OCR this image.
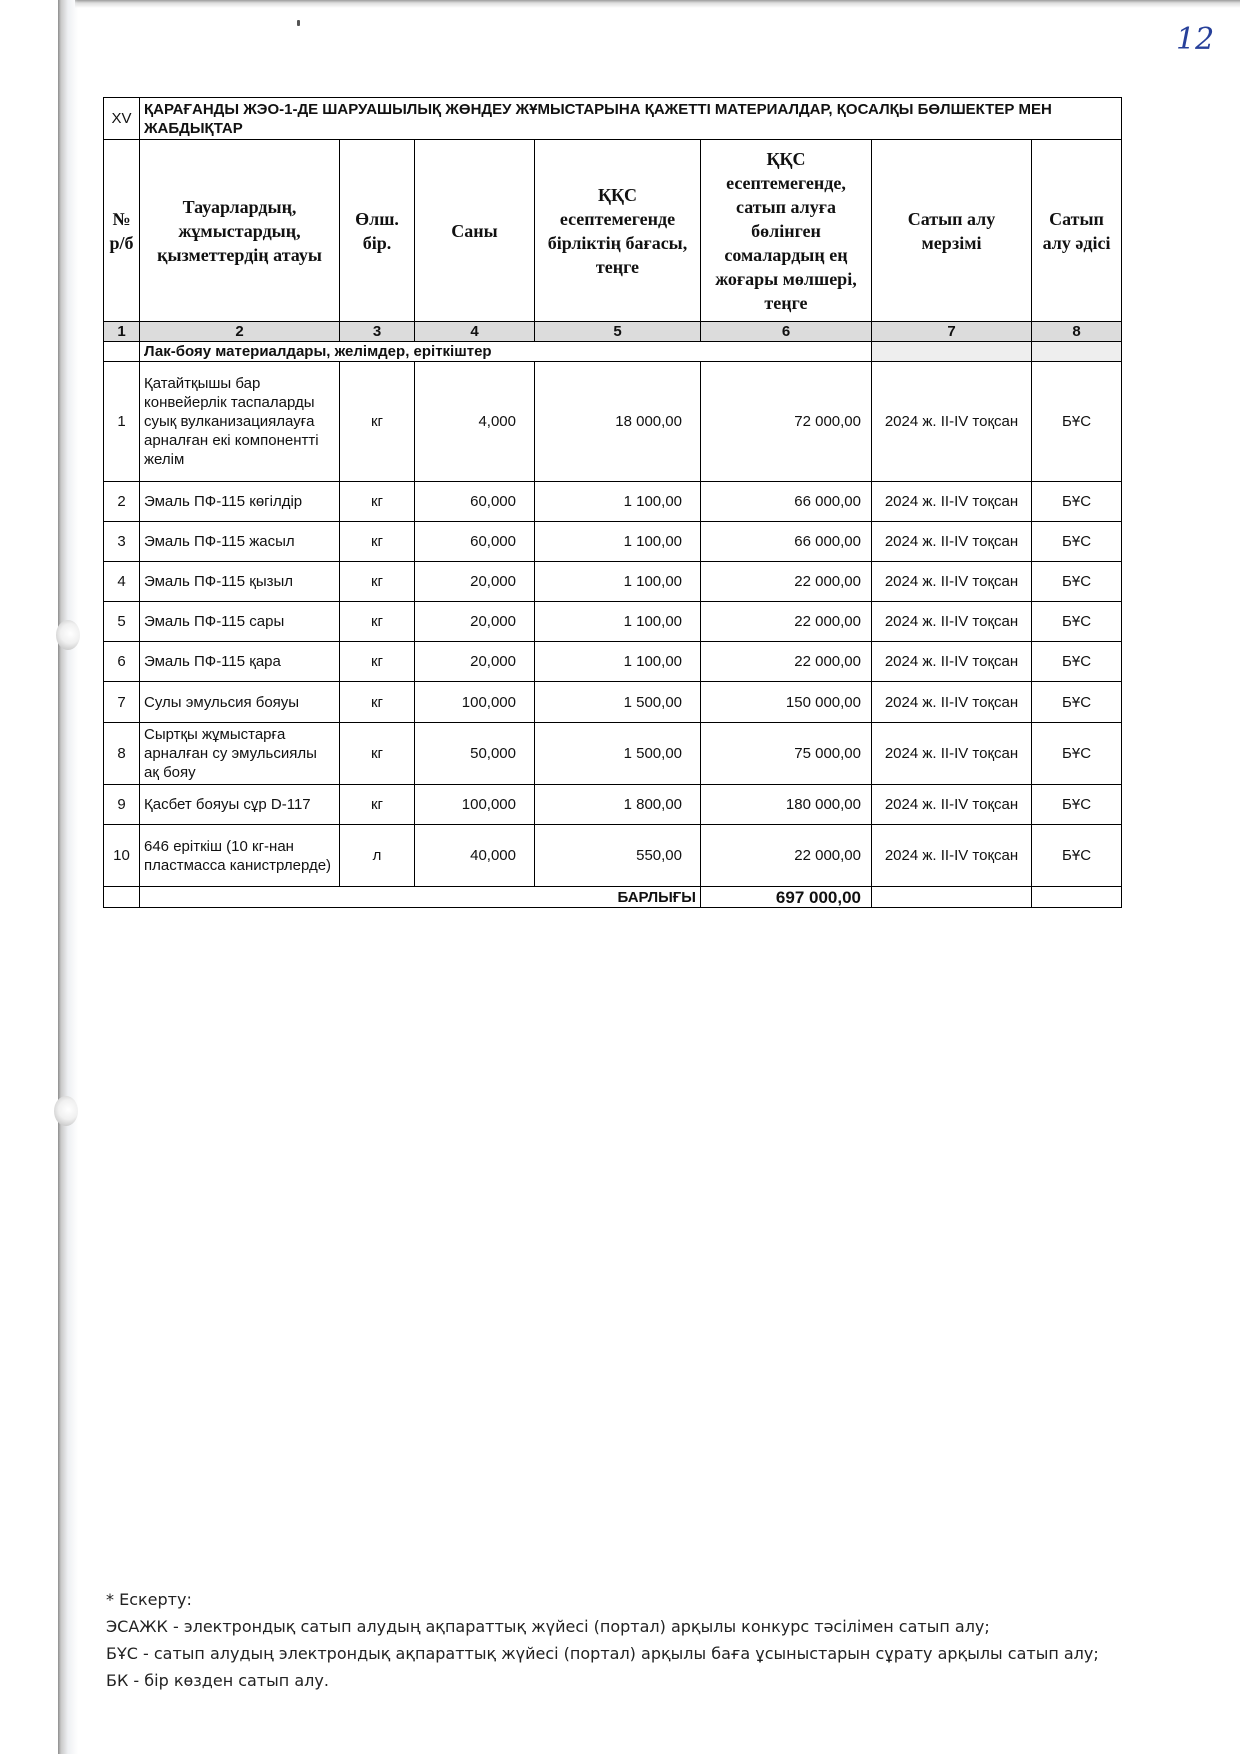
12
XV	ҚАРАҒАНДЫ ЖЭО-1-ДЕ ШАРУАШЫЛЫҚ ЖӨНДЕУ ЖҰМЫСТАРЫНА ҚАЖЕТТІ МАТЕРИАЛДАР, ҚОСАЛҚЫ БӨЛШЕКТЕР МЕН ЖАБДЫҚТАР						
№ р/б	Тауарлардың, жұмыстардың, қызметтердің атауы	Өлш. бір.	Саны	ҚҚС есептемегенде бірліктің бағасы, теңге	ҚҚС есептемегенде, сатып алуға бөлінген сомалардың ең жоғары мөлшері, теңге	Сатып алу мерзімі	Сатып алу әдісі
1	2	3	4	5	6	7	8
	Лак-бояу материалдары, желімдер, еріткіштер						
1	Қатайтқышы бар конвейерлік таспаларды суық вулканизациялауға арналған екі компонентті желім	кг	4,000	18 000,00	72 000,00	2024 ж. II-IV тоқсан	БҰС
2	Эмаль ПФ-115 көгілдір	кг	60,000	1 100,00	66 000,00	2024 ж. II-IV тоқсан	БҰС
3	Эмаль ПФ-115 жасыл	кг	60,000	1 100,00	66 000,00	2024 ж. II-IV тоқсан	БҰС
4	Эмаль ПФ-115 қызыл	кг	20,000	1 100,00	22 000,00	2024 ж. II-IV тоқсан	БҰС
5	Эмаль ПФ-115 сары	кг	20,000	1 100,00	22 000,00	2024 ж. II-IV тоқсан	БҰС
6	Эмаль ПФ-115 қара	кг	20,000	1 100,00	22 000,00	2024 ж. II-IV тоқсан	БҰС
7	Сулы эмульсия бояуы	кг	100,000	1 500,00	150 000,00	2024 ж. II-IV тоқсан	БҰС
8	Сыртқы жұмыстарға арналған су эмульсиялы ақ бояу	кг	50,000	1 500,00	75 000,00	2024 ж. II-IV тоқсан	БҰС
9	Қасбет бояуы сұр D-117	кг	100,000	1 800,00	180 000,00	2024 ж. II-IV тоқсан	БҰС
10	646 еріткіш (10 кг-нан пластмасса канистрлерде)	л	40,000	550,00	22 000,00	2024 ж. II-IV тоқсан	БҰС
	БАРЛЫҒЫ				697 000,00		
* Ескерту:
ЭСАЖК - электрондық сатып алудың ақпараттық жүйесі (портал) арқылы конкурс тәсілімен сатып алу;
БҰС - сатып алудың электрондық ақпараттық жүйесі (портал) арқылы баға ұсыныстарын сұрату арқылы сатып алу;
БК - бір көзден сатып алу.
